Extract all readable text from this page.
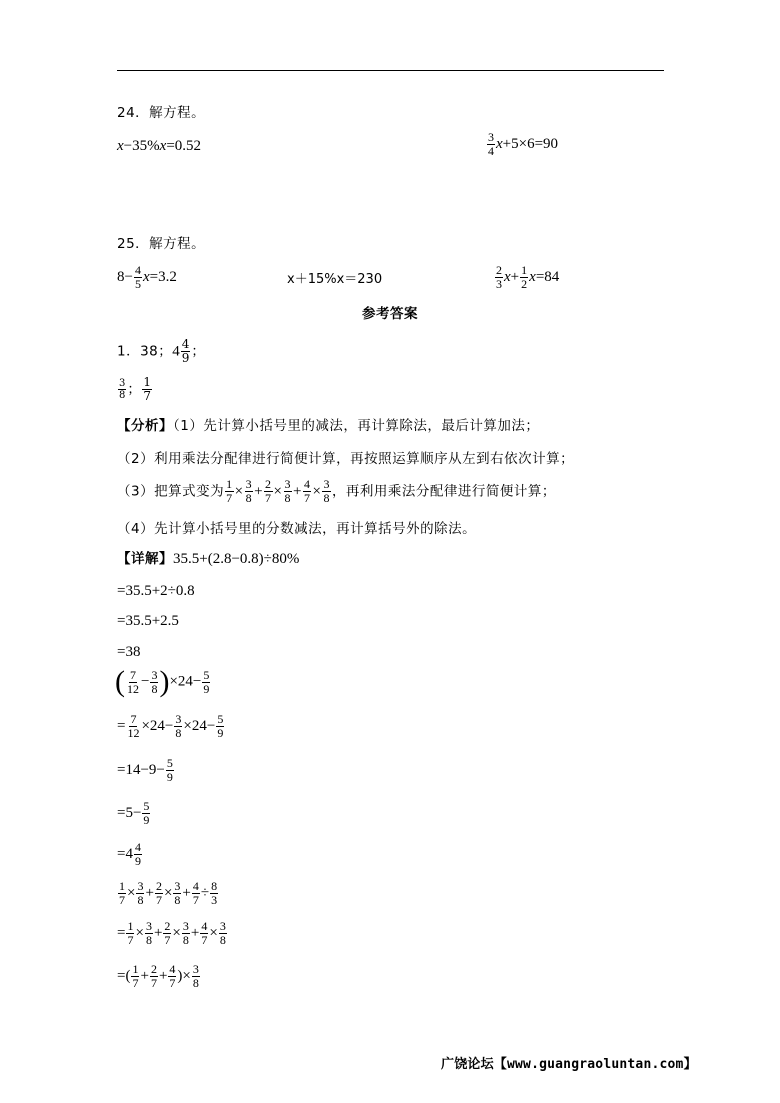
24．解方程。
x−35%x=0.52	$\frac{3}{4} x+5\times 6=90$
25．解方程。
$8- \frac{4}{5} x=3.2$	x＋15%x＝230	$\frac{2}{3} x+ \frac{1}{2} x=84$
参考答案
1．38；$4 \frac{4}{9}$ ；
$\frac{3}{8}$ ； $\frac{1}{7}$
【分析】（1）先计算小括号里的减法，再计算除法，最后计算加法；
（2）利用乘法分配律进行简便计算，再按照运算顺序从左到右依次计算；
（3）把算式变为 $\frac{1}{7} \times \frac{3}{8} + \frac{2}{7} \times \frac{3}{8} + \frac{4}{7} \times \frac{3}{8}$ ，再利用乘法分配律进行简便计算；
（4）先计算小括号里的分数减法，再计算括号外的除法。
【详解】35.5+(2.8−0.8)÷80%
=35.5+2÷0.8
=35.5+2.5
=38
( $\frac{7}{12} - \frac{3}{8} )\times 24- \frac{5}{9}$
= $\frac{7}{12} \times 24- \frac{3}{8} \times 24- \frac{5}{9}$
$=14-9- \frac{5}{9}$
$=5- \frac{5}{9}$
$=4 \frac{4}{9}$
$\frac{1}{7} \times \frac{3}{8} + \frac{2}{7} \times \frac{3}{8} + \frac{4}{7} \div \frac{8}{3}$
= $\frac{1}{7} \times \frac{3}{8} + \frac{2}{7} \times \frac{3}{8} + \frac{4}{7} \times \frac{3}{8}$
=( $\frac{1}{7} + \frac{2}{7} + \frac{4}{7}$ )× $\frac{3}{8}$
广饶论坛【www.guangraoluntan.com】
